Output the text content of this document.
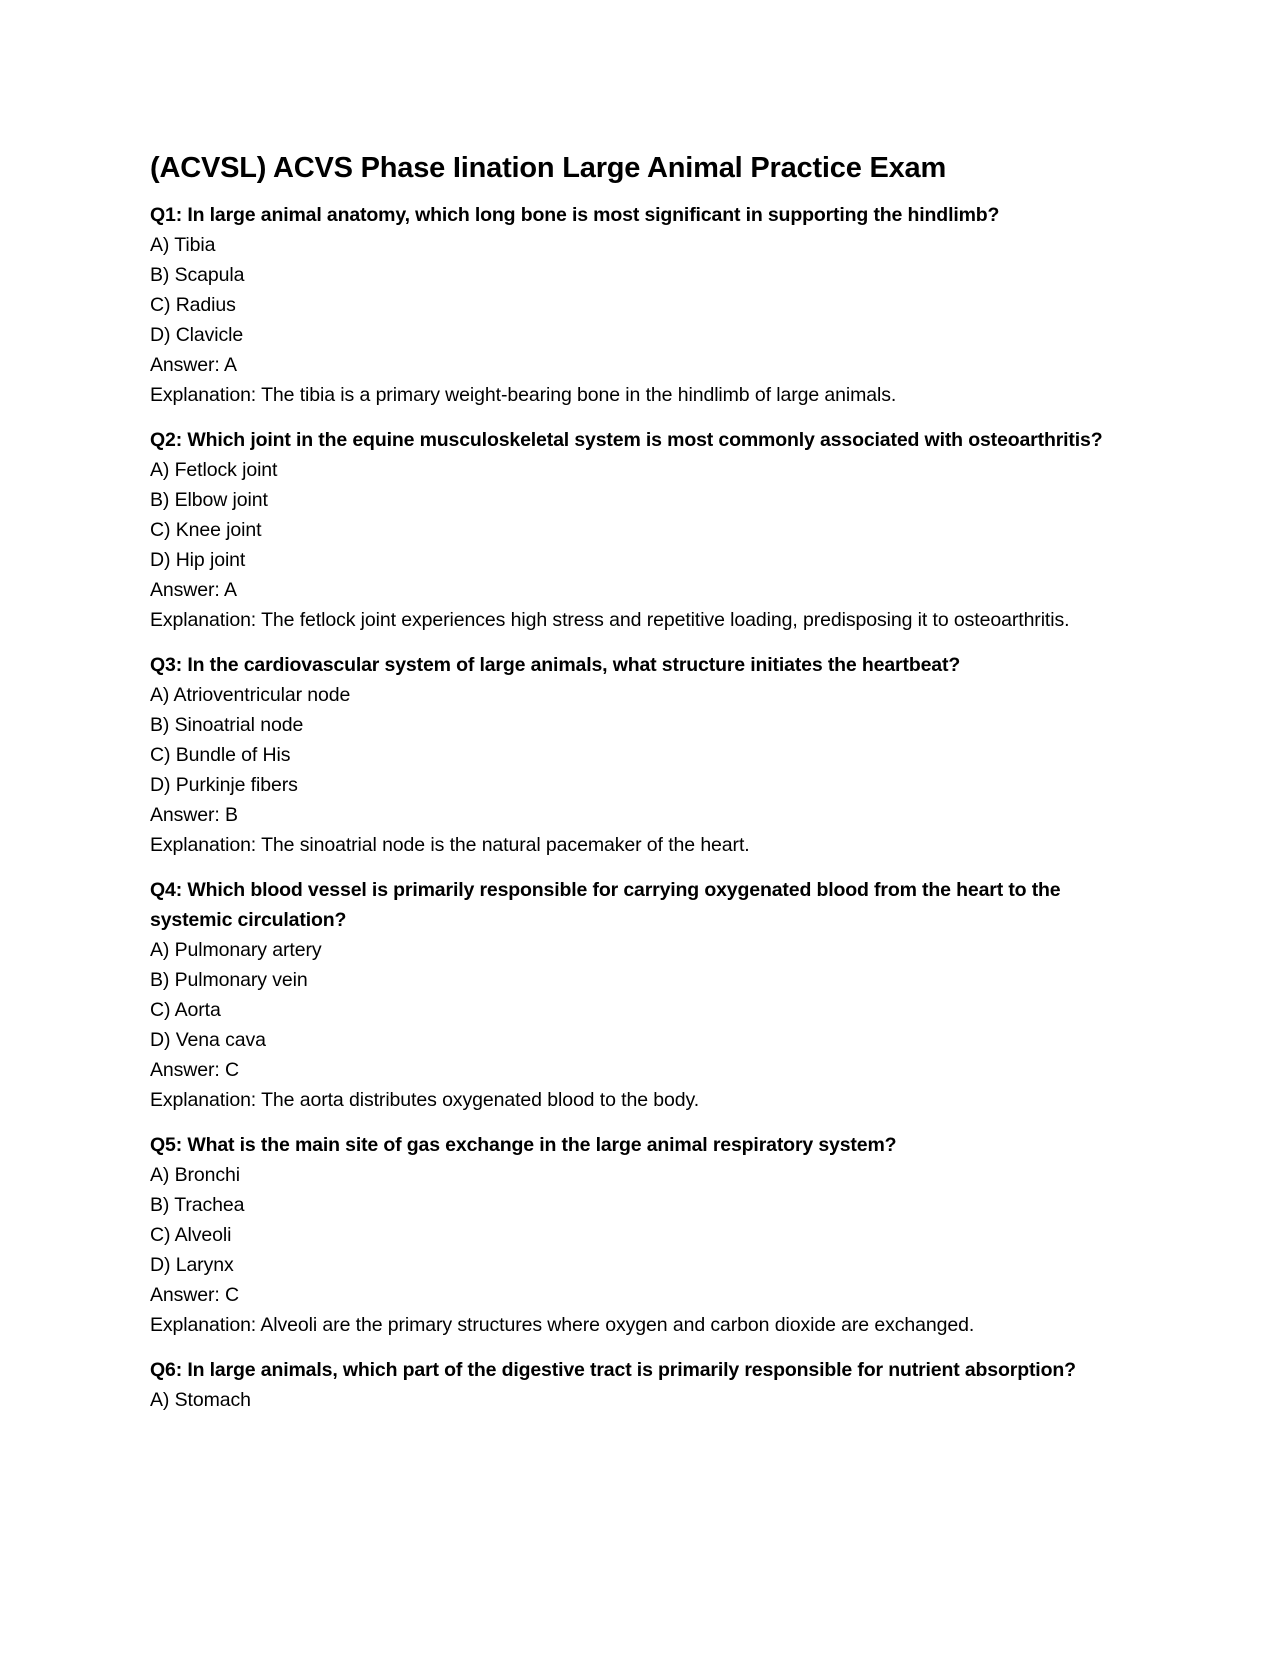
(ACVSL) ACVS Phase Iination Large Animal Practice Exam
Q1: In large animal anatomy, which long bone is most significant in supporting the hindlimb?
A) Tibia
B) Scapula
C) Radius
D) Clavicle
Answer: A
Explanation: The tibia is a primary weight-bearing bone in the hindlimb of large animals.
Q2: Which joint in the equine musculoskeletal system is most commonly associated with osteoarthritis?
A) Fetlock joint
B) Elbow joint
C) Knee joint
D) Hip joint
Answer: A
Explanation: The fetlock joint experiences high stress and repetitive loading, predisposing it to osteoarthritis.
Q3: In the cardiovascular system of large animals, what structure initiates the heartbeat?
A) Atrioventricular node
B) Sinoatrial node
C) Bundle of His
D) Purkinje fibers
Answer: B
Explanation: The sinoatrial node is the natural pacemaker of the heart.
Q4: Which blood vessel is primarily responsible for carrying oxygenated blood from the heart to the systemic circulation?
A) Pulmonary artery
B) Pulmonary vein
C) Aorta
D) Vena cava
Answer: C
Explanation: The aorta distributes oxygenated blood to the body.
Q5: What is the main site of gas exchange in the large animal respiratory system?
A) Bronchi
B) Trachea
C) Alveoli
D) Larynx
Answer: C
Explanation: Alveoli are the primary structures where oxygen and carbon dioxide are exchanged.
Q6: In large animals, which part of the digestive tract is primarily responsible for nutrient absorption?
A) Stomach
